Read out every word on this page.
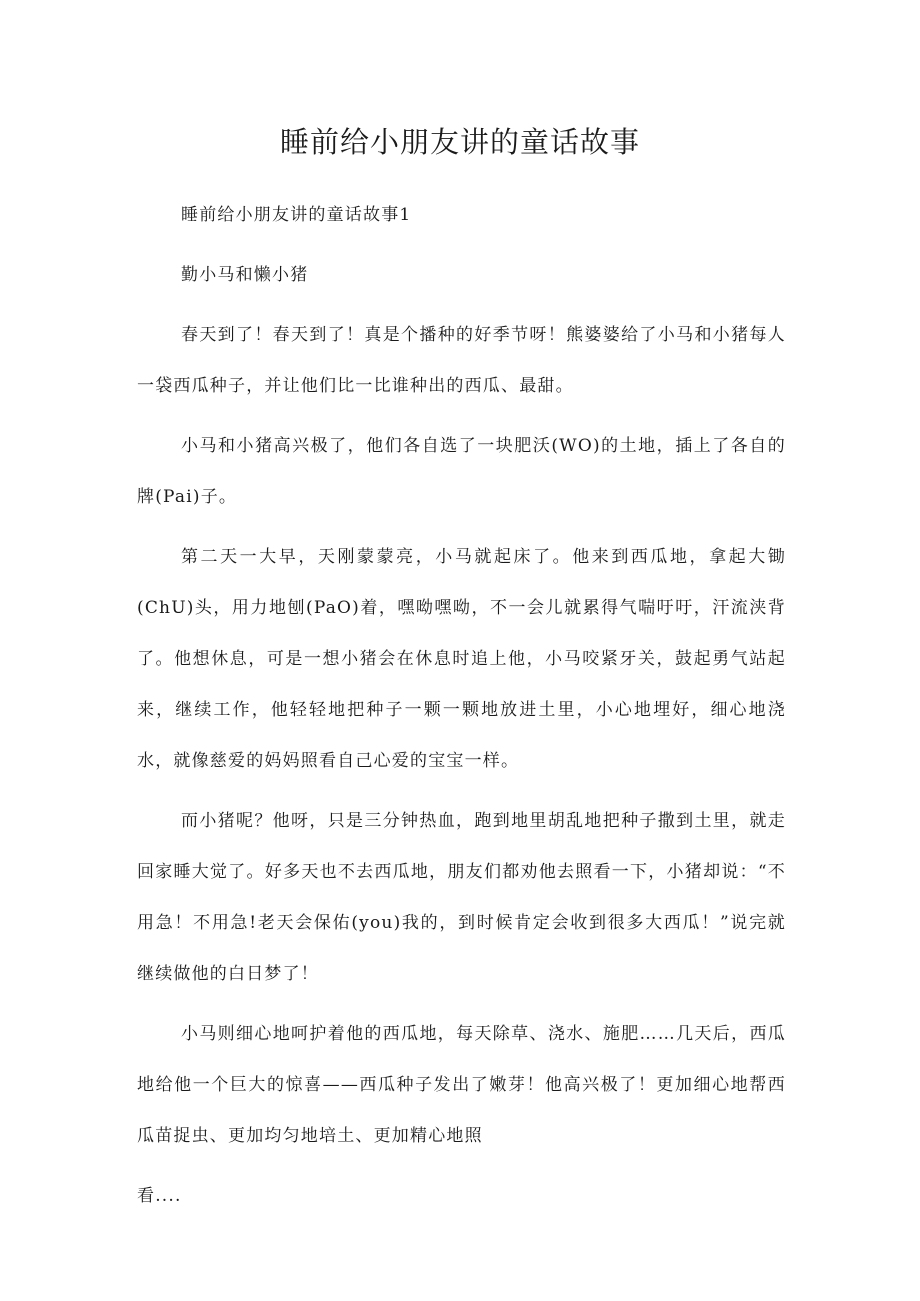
睡前给小朋友讲的童话故事

睡前给小朋友讲的童话故事1

勤小马和懒小猪

春天到了！春天到了！真是个播种的好季节呀！熊婆婆给了小马和小猪每人一袋西瓜种子，并让他们比一比谁种出的西瓜、最甜。

小马和小猪高兴极了，他们各自选了一块肥沃(WO)的土地，插上了各自的牌(Pai)子。

第二天一大早，天刚蒙蒙亮，小马就起床了。他来到西瓜地，拿起大锄(ChU)头，用力地刨(PaO)着，嘿呦嘿呦，不一会儿就累得气喘吁吁，汗流浃背了。他想休息，可是一想小猪会在休息时追上他，小马咬紧牙关，鼓起勇气站起来，继续工作，他轻轻地把种子一颗一颗地放进土里，小心地埋好，细心地浇水，就像慈爱的妈妈照看自己心爱的宝宝一样。

而小猪呢？他呀，只是三分钟热血，跑到地里胡乱地把种子撒到土里，就走回家睡大觉了。好多天也不去西瓜地，朋友们都劝他去照看一下，小猪却说：“不用急！不用急!老天会保佑(you)我的，到时候肯定会收到很多大西瓜！”说完就继续做他的白日梦了！

小马则细心地呵护着他的西瓜地，每天除草、浇水、施肥……几天后，西瓜地给他一个巨大的惊喜——西瓜种子发出了嫩芽！他高兴极了！更加细心地帮西瓜苗捉虫、更加均匀地培土、更加精心地照

看....
